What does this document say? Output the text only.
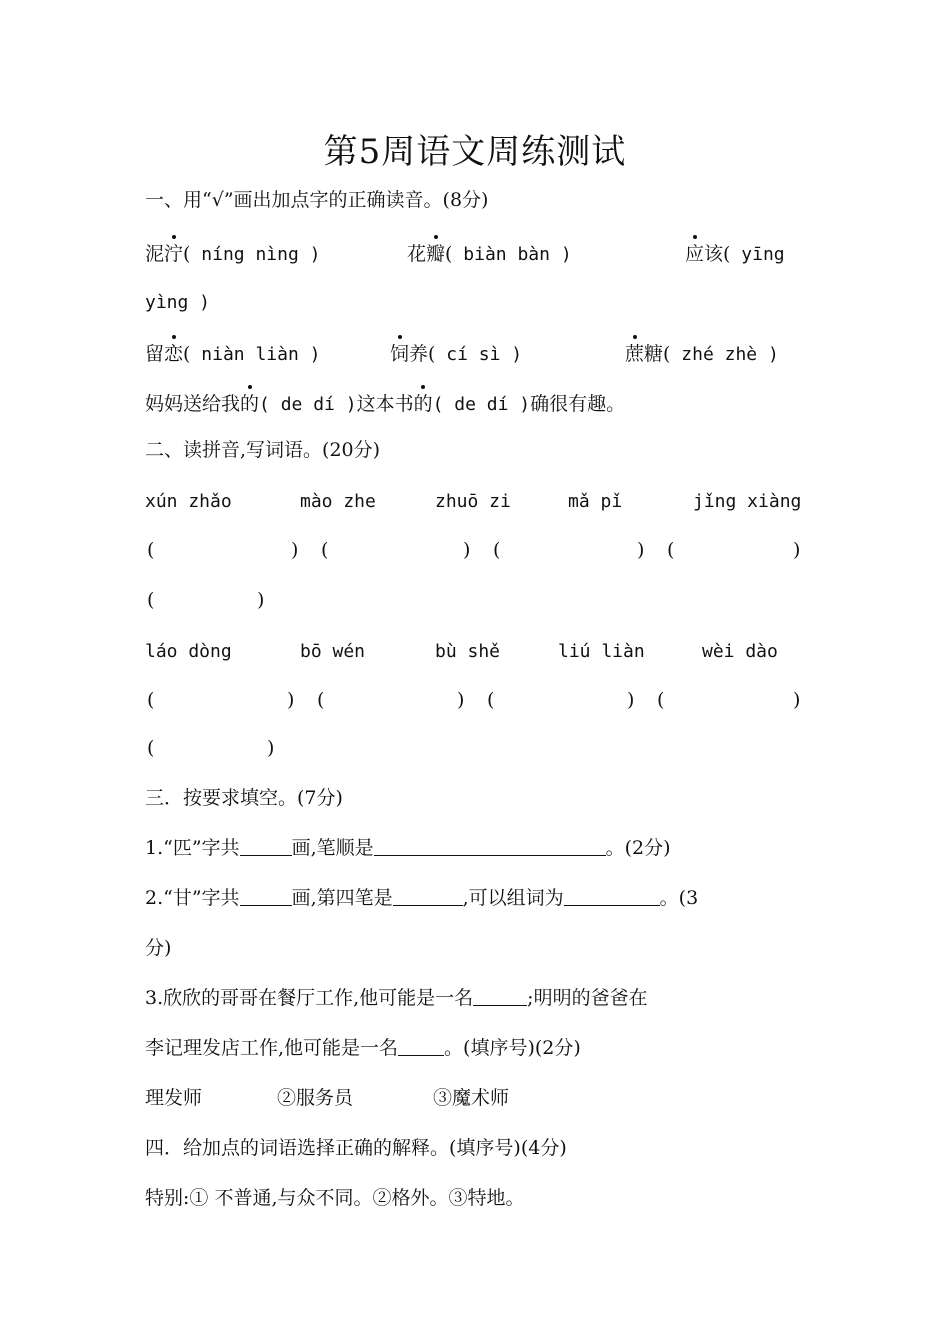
第5周语文周练测试
一、用“√”画出加点字的正确读音。(8分)
泥泞( níng nìng )	花瓣( biàn bàn )	应该( yīng
yìng )
留恋( niàn liàn )	饲养( cí sì )	蔗糖( zhé zhè )
妈妈送给我的( de dí )这本书的( de dí )确很有趣。
二、读拼音,写词语。(20分)
xún zhǎo	mào zhe	zhuō zi	mǎ pǐ	jǐng xiàng
(	) (	) (	) (	)
(	)
láo dòng	bō wén	bù shě	liú liàn	wèi dào
(	) (	) (	) (	)
(	)
三．按要求填空。(7分)
1.“匹”字共	画,笔顺是	。(2分)
2.“甘”字共	画,第四笔是	,可以组词为	。(3
分)
3.欣欣的哥哥在餐厅工作,他可能是一名	;明明的爸爸在
李记理发店工作,他可能是一名 。(填序号)(2分)
理发师	②服务员	③魔术师
四．给加点的词语选择正确的解释。(填序号)(4分)
特别:① 不普通,与众不同。②格外。③特地。
